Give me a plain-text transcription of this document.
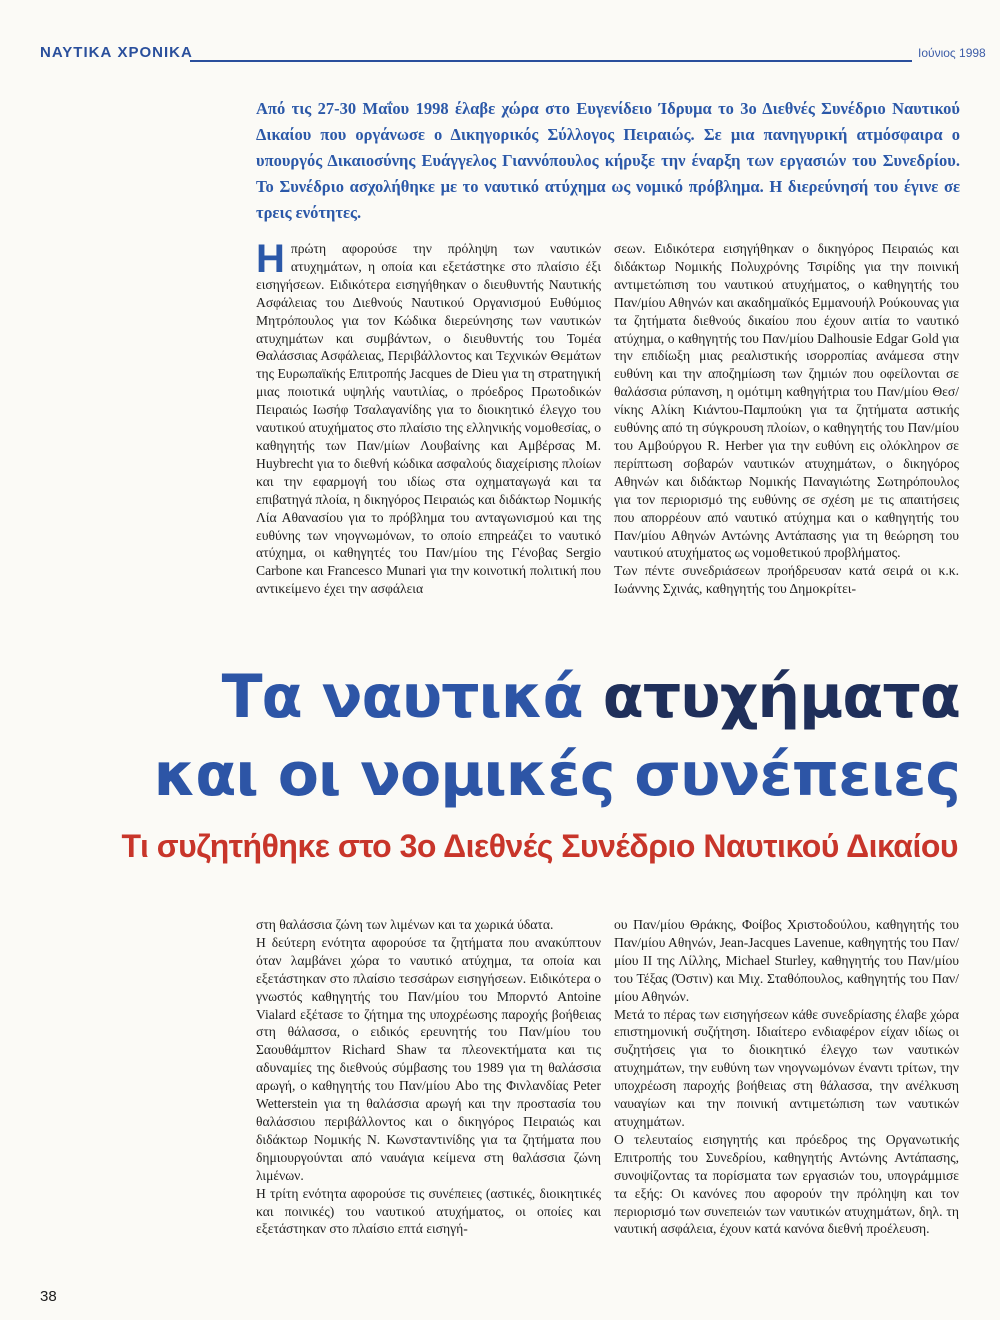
ΝΑΥΤΙΚΑ ΧΡΟΝΙΚΑ	Ιούνιος 1998
Από τις 27-30 Μαΐου 1998 έλαβε χώρα στο Ευγενίδειο Ίδρυμα το 3ο Διεθνές Συνέδριο Ναυτικού Δικαίου που οργάνωσε ο Δικηγορικός Σύλλογος Πειραιώς. Σε μια πανηγυρική ατμόσφαιρα ο υπουργός Δικαιοσύνης Ευάγγελος Γιαννόπουλος κήρυξε την έναρξη των εργασιών του Συνεδρίου. Το Συνέδριο ασχολήθηκε με το ναυτικό ατύχημα ως νομικό πρόβλημα. Η διερεύνησή του έγινε σε τρεις ενότητες.

Ηπρώτη αφορούσε την πρόληψη των ναυτικών ατυχημάτων, η οποία και εξετάστηκε στο πλαίσιο έξι εισηγήσεων. Ειδικότερα εισηγήθηκαν ο διευθυντής Ναυτικής Ασφάλειας του Διεθνούς Ναυτικού Οργανισμού Ευθύμιος Μητρόπουλος για τον Κώδικα διερεύνησης των ναυτικών ατυχημάτων και συμβάντων, ο διευθυντής του Τομέα Θαλάσσιας Ασφάλειας, Περιβάλλοντος και Τεχνικών Θεμάτων της Ευρωπαϊκής Επιτροπής Jacques de Dieu για τη στρατηγική μιας ποιοτικά υψηλής ναυτιλίας, ο πρόεδρος Πρωτοδικών Πειραιώς Ιωσήφ Τσαλαγανίδης για το διοικητικό έλεγχο του ναυτικού ατυχήματος στο πλαίσιο της ελληνικής νομοθεσίας, ο καθηγητής των Παν/μίων Λουβαίνης και Αμβέρσας M. Huybrecht για το διεθνή κώδικα ασφαλούς διαχείρισης πλοίων και την εφαρμογή του ιδίως στα οχηματαγωγά και τα επιβατηγά πλοία, η δικηγόρος Πειραιώς και διδάκτωρ Νομικής Λία Αθανασίου για το πρόβλημα του ανταγωνισμού και της ευθύνης των νηογνωμόνων, το οποίο επηρεάζει το ναυτικό ατύχημα, οι καθηγητές του Παν/μίου της Γένοβας Sergio Carbone και Francesco Munari για την κοινοτική πολιτική που αντικείμενο έχει την ασφάλεια

σεων. Ειδικότερα εισηγήθηκαν ο δικηγόρος Πειραιώς και διδάκτωρ Νομικής Πολυχρόνης Τσιρίδης για την ποινική αντιμετώπιση του ναυτικού ατυχήματος, ο καθηγητής του Παν/μίου Αθηνών και ακαδημαϊκός Εμμανουήλ Ρούκουνας για τα ζητήματα διεθνούς δικαίου που έχουν αιτία το ναυτικό ατύχημα, ο καθηγητής του Παν/μίου Dalhousie Edgar Gold για την επιδίωξη μιας ρεαλιστικής ισορροπίας ανάμεσα στην ευθύνη και την αποζημίωση των ζημιών που οφείλονται σε θαλάσσια ρύπανση, η ομότιμη καθηγήτρια του Παν/μίου Θεσ/νίκης Αλίκη Κιάντου-Παμπούκη για τα ζητήματα αστικής ευθύνης από τη σύγκρουση πλοίων, ο καθηγητής του Παν/μίου του Αμβούργου R. Herber για την ευθύνη εις ολόκληρον σε περίπτωση σοβαρών ναυτικών ατυχημάτων, ο δικηγόρος Αθηνών και διδάκτωρ Νομικής Παναγιώτης Σωτηρόπουλος για τον περιορισμό της ευθύνης σε σχέση με τις απαιτήσεις που απορρέουν από ναυτικό ατύχημα και ο καθηγητής του Παν/μίου Αθηνών Αντώνης Αντάπασης για τη θεώρηση του ναυτικού ατυχήματος ως νομοθετικού προβλήματος.

Των πέντε συνεδριάσεων προήδρευσαν κατά σειρά οι κ.κ. Ιωάννης Σχινάς, καθηγητής του Δημοκρίτει-

Τα ναυτικά ατυχήματα
και οι νομικές συνέπειες
Τι συζητήθηκε στο 3ο Διεθνές Συνέδριο Ναυτικού Δικαίου

στη θαλάσσια ζώνη των λιμένων και τα χωρικά ύδατα.

Η δεύτερη ενότητα αφορούσε τα ζητήματα που ανακύπτουν όταν λαμβάνει χώρα το ναυτικό ατύχημα, τα οποία και εξετάστηκαν στο πλαίσιο τεσσάρων εισηγήσεων. Ειδικότερα ο γνωστός καθηγητής του Παν/μίου του Μπορντό Antoine Vialard εξέτασε το ζήτημα της υποχρέωσης παροχής βοήθειας στη θάλασσα, ο ειδικός ερευνητής του Παν/μίου του Σαουθάμπτον Richard Shaw τα πλεονεκτήματα και τις αδυναμίες της διεθνούς σύμβασης του 1989 για τη θαλάσσια αρωγή, ο καθηγητής του Παν/μίου Abo της Φινλανδίας Peter Wetterstein για τη θαλάσσια αρωγή και την προστασία του θαλάσσιου περιβάλλοντος και ο δικηγόρος Πειραιώς και διδάκτωρ Νομικής Ν. Κωνσταντινίδης για τα ζητήματα που δημιουργούνται από ναυάγια κείμενα στη θαλάσσια ζώνη λιμένων.

Η τρίτη ενότητα αφορούσε τις συνέπειες (αστικές, διοικητικές και ποινικές) του ναυτικού ατυχήματος, οι οποίες και εξετάστηκαν στο πλαίσιο επτά εισηγή-

ου Παν/μίου Θράκης, Φοίβος Χριστοδούλου, καθηγητής του Παν/μίου Αθηνών, Jean-Jacques Lavenue, καθηγητής του Παν/μίου ΙΙ της Λίλλης, Michael Sturley, καθηγητής του Παν/μίου του Τέξας (Όστιν) και Μιχ. Σταθόπουλος, καθηγητής του Παν/μίου Αθηνών.

Μετά το πέρας των εισηγήσεων κάθε συνεδρίασης έλαβε χώρα επιστημονική συζήτηση. Ιδιαίτερο ενδιαφέρον είχαν ιδίως οι συζητήσεις για το διοικητικό έλεγχο των ναυτικών ατυχημάτων, την ευθύνη των νηογνωμόνων έναντι τρίτων, την υποχρέωση παροχής βοήθειας στη θάλασσα, την ανέλκυση ναυαγίων και την ποινική αντιμετώπιση των ναυτικών ατυχημάτων.

Ο τελευταίος εισηγητής και πρόεδρος της Οργανωτικής Επιτροπής του Συνεδρίου, καθηγητής Αντώνης Αντάπασης, συνοψίζοντας τα πορίσματα των εργασιών του, υπογράμμισε τα εξής: Οι κανόνες που αφορούν την πρόληψη και τον περιορισμό των συνεπειών των ναυτικών ατυχημάτων, δηλ. τη ναυτική ασφάλεια, έχουν κατά κανόνα διεθνή προέλευση.

38
